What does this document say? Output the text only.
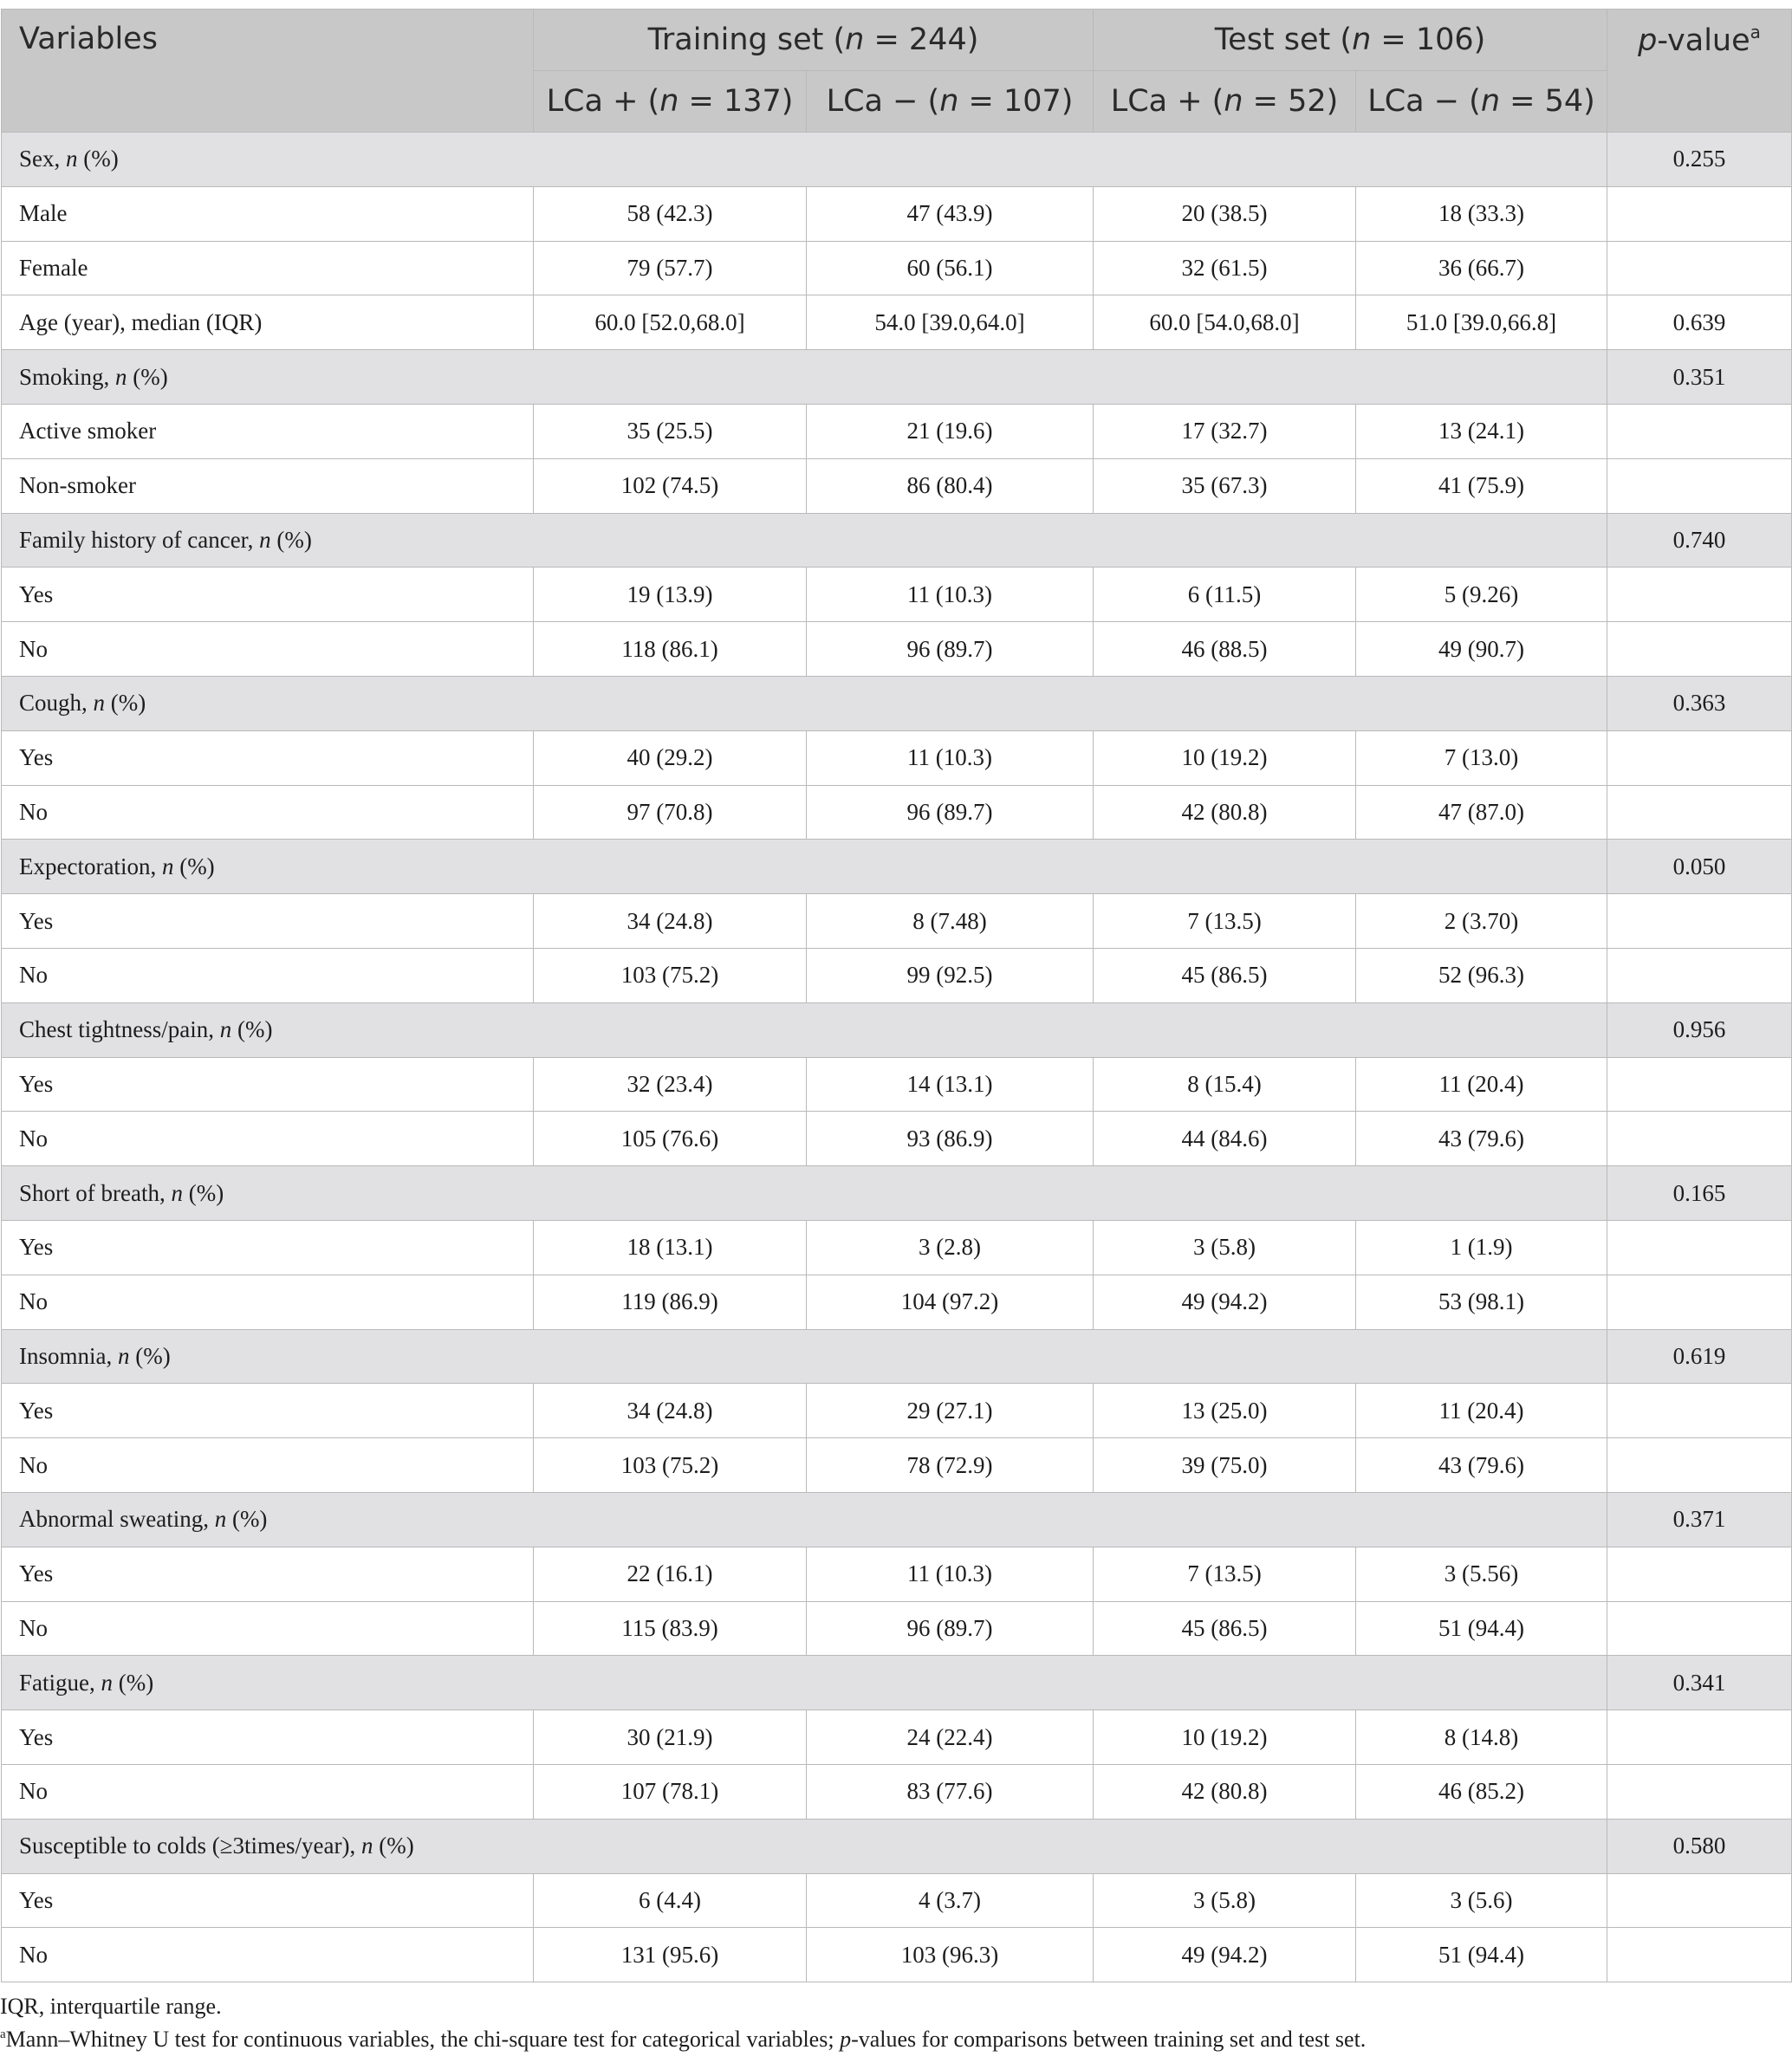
Variables	Training set (n = 244)		Test set (n = 106)		p-value$^a$
	LCa + (n = 137)	LCa − (n = 107)	LCa + (n = 52)	LCa − (n = 54)	
Sex, n (%)					0.255
Male	58 (42.3)	47 (43.9)	20 (38.5)	18 (33.3)	
Female	79 (57.7)	60 (56.1)	32 (61.5)	36 (66.7)	
Age (year), median (IQR)	60.0 [52.0,68.0]	54.0 [39.0,64.0]	60.0 [54.0,68.0]	51.0 [39.0,66.8]	0.639
Smoking, n (%)					0.351
Active smoker	35 (25.5)	21 (19.6)	17 (32.7)	13 (24.1)	
Non-smoker	102 (74.5)	86 (80.4)	35 (67.3)	41 (75.9)	
Family history of cancer, n (%)					0.740
Yes	19 (13.9)	11 (10.3)	6 (11.5)	5 (9.26)	
No	118 (86.1)	96 (89.7)	46 (88.5)	49 (90.7)	
Cough, n (%)					0.363
Yes	40 (29.2)	11 (10.3)	10 (19.2)	7 (13.0)	
No	97 (70.8)	96 (89.7)	42 (80.8)	47 (87.0)	
Expectoration, n (%)					0.050
Yes	34 (24.8)	8 (7.48)	7 (13.5)	2 (3.70)	
No	103 (75.2)	99 (92.5)	45 (86.5)	52 (96.3)	
Chest tightness/pain, n (%)					0.956
Yes	32 (23.4)	14 (13.1)	8 (15.4)	11 (20.4)	
No	105 (76.6)	93 (86.9)	44 (84.6)	43 (79.6)	
Short of breath, n (%)					0.165
Yes	18 (13.1)	3 (2.8)	3 (5.8)	1 (1.9)	
No	119 (86.9)	104 (97.2)	49 (94.2)	53 (98.1)	
Insomnia, n (%)					0.619
Yes	34 (24.8)	29 (27.1)	13 (25.0)	11 (20.4)	
No	103 (75.2)	78 (72.9)	39 (75.0)	43 (79.6)	
Abnormal sweating, n (%)					0.371
Yes	22 (16.1)	11 (10.3)	7 (13.5)	3 (5.56)	
No	115 (83.9)	96 (89.7)	45 (86.5)	51 (94.4)	
Fatigue, n (%)					0.341
Yes	30 (21.9)	24 (22.4)	10 (19.2)	8 (14.8)	
No	107 (78.1)	83 (77.6)	42 (80.8)	46 (85.2)	
Susceptible to colds (≥3times/year), n (%)					0.580
Yes	6 (4.4)	4 (3.7)	3 (5.8)	3 (5.6)	
No	131 (95.6)	103 (96.3)	49 (94.2)	51 (94.4)	
IQR, interquartile range.
$^a$Mann–Whitney U test for continuous variables, the chi-square test for categorical variables; p-values for comparisons between training set and test set.
